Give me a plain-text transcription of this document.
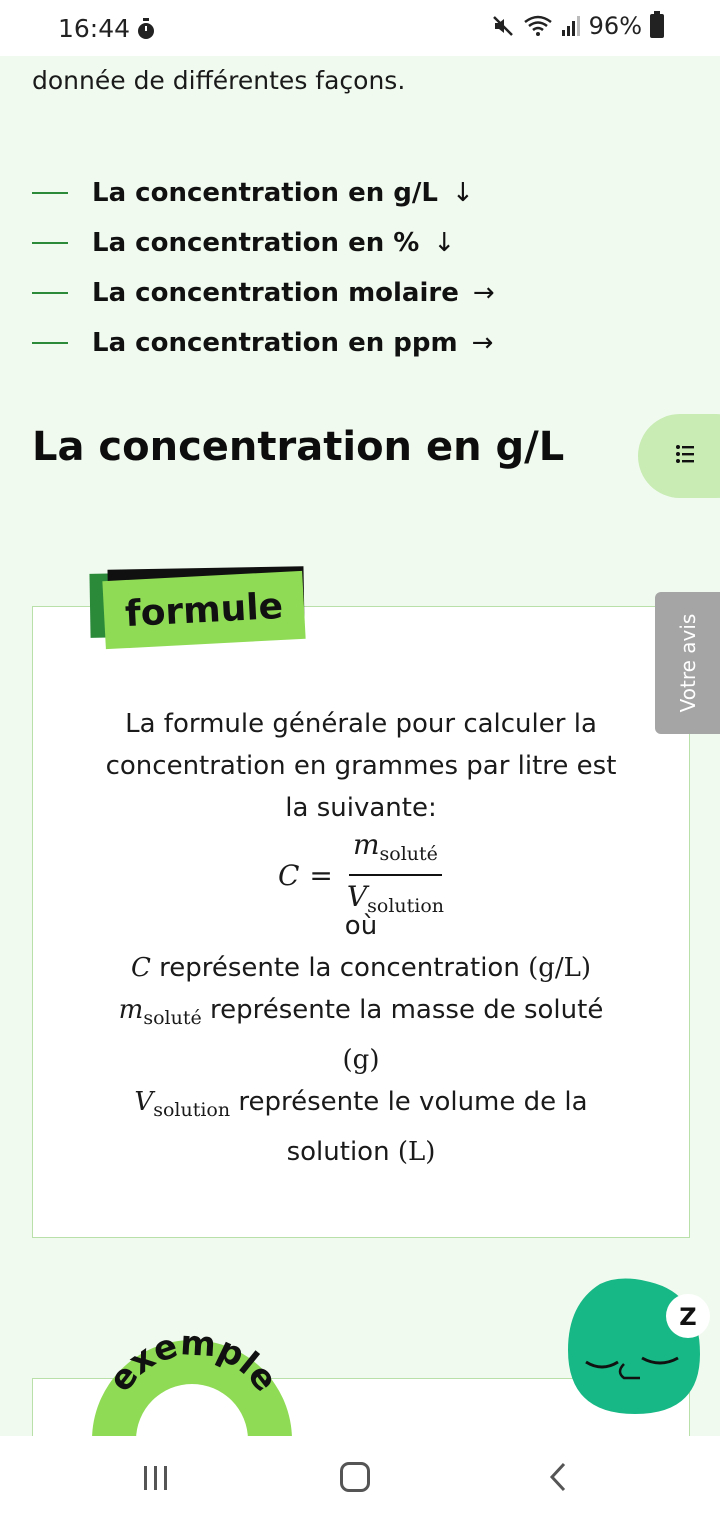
16:44	96%
donnée de différentes façons.
La concentration en g/L ↓
La concentration en % ↓
La concentration molaire →
La concentration en ppm →
La concentration en g/L
La formule générale pour calculer la concentration en grammes par litre est la suivante:
$C = \frac{m_{soluté}}{V_{solution}}$
où
C représente la concentration (g/L)
$m_{soluté}$ représente la masse de soluté (g)
$V_{solution}$ représente le volume de la solution (L)
formule
Votre avis
exemple
Z
